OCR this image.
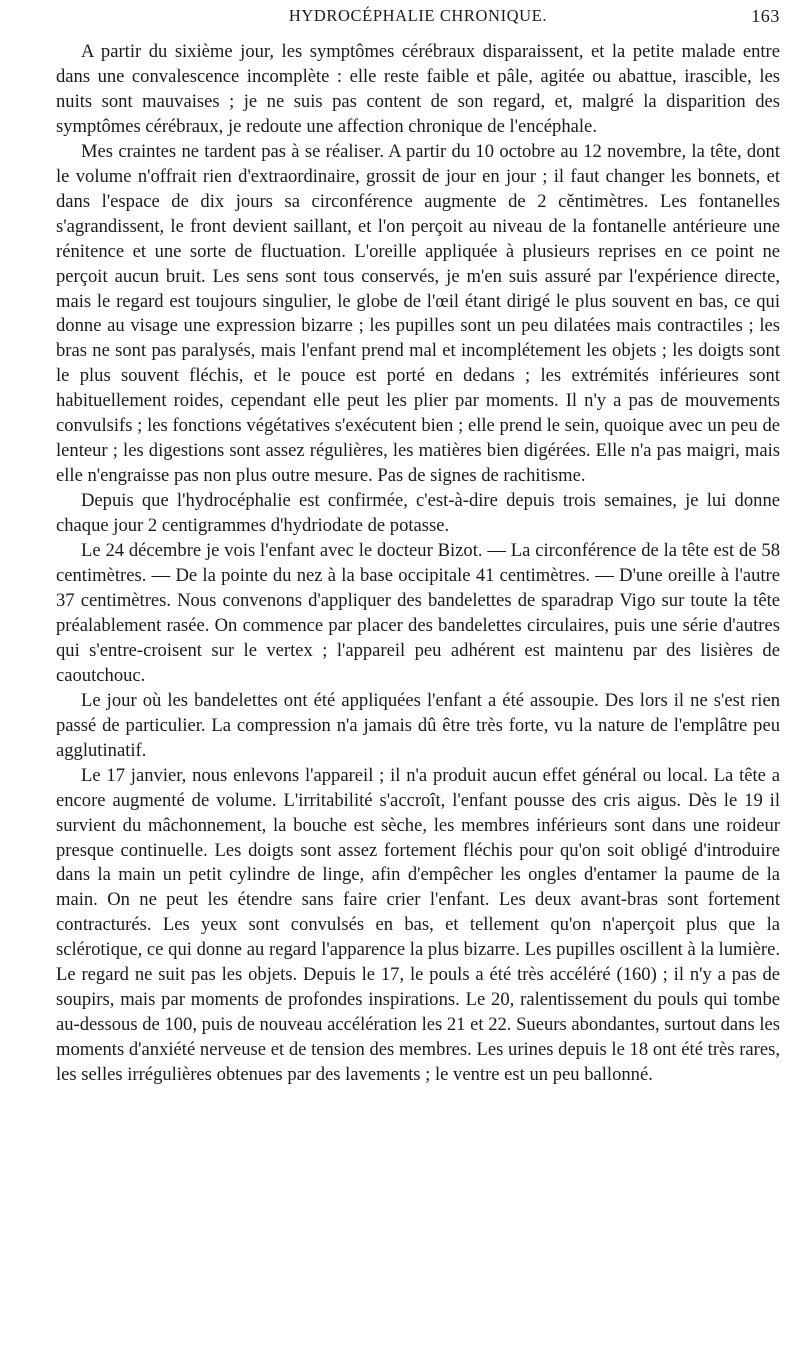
HYDROCÉPHALIE CHRONIQUE.	163

A partir du sixième jour, les symptômes cérébraux disparaissent, et la petite malade entre dans une convalescence incomplète : elle reste faible et pâle, agitée ou abattue, irascible, les nuits sont mauvaises ; je ne suis pas content de son regard, et, malgré la disparition des symptômes cérébraux, je redoute une affection chronique de l'encéphale.

Mes craintes ne tardent pas à se réaliser. A partir du 10 octobre au 12 novembre, la tête, dont le volume n'offrait rien d'extraordinaire, grossit de jour en jour ; il faut changer les bonnets, et dans l'espace de dix jours sa circonférence augmente de 2 cěntimètres. Les fontanelles s'agrandissent, le front devient saillant, et l'on perçoit au niveau de la fontanelle antérieure une rénitence et une sorte de fluctuation. L'oreille appliquée à plusieurs reprises en ce point ne perçoit aucun bruit. Les sens sont tous conservés, je m'en suis assuré par l'expérience directe, mais le regard est toujours singulier, le globe de l'œil étant dirigé le plus souvent en bas, ce qui donne au visage une expression bizarre ; les pupilles sont un peu dilatées mais contractiles ; les bras ne sont pas paralysés, mais l'enfant prend mal et incomplétement les objets ; les doigts sont le plus souvent fléchis, et le pouce est porté en dedans ; les extrémités inférieures sont habituellement roides, cependant elle peut les plier par moments. Il n'y a pas de mouvements convulsifs ; les fonctions végétatives s'exécutent bien ; elle prend le sein, quoique avec un peu de lenteur ; les digestions sont assez régulières, les matières bien digérées. Elle n'a pas maigri, mais elle n'engraisse pas non plus outre mesure. Pas de signes de rachitisme.

Depuis que l'hydrocéphalie est confirmée, c'est-à-dire depuis trois semaines, je lui donne chaque jour 2 centigrammes d'hydriodate de potasse.

Le 24 décembre je vois l'enfant avec le docteur Bizot. — La circonférence de la tête est de 58 centimètres. — De la pointe du nez à la base occipitale 41 centimètres. — D'une oreille à l'autre 37 centimètres. Nous convenons d'appliquer des bandelettes de sparadrap Vigo sur toute la tête préalablement rasée. On commence par placer des bandelettes circulaires, puis une série d'autres qui s'entre-croisent sur le vertex ; l'appareil peu adhérent est maintenu par des lisières de caoutchouc.

Le jour où les bandelettes ont été appliquées l'enfant a été assoupie. Des lors il ne s'est rien passé de particulier. La compression n'a jamais dû être très forte, vu la nature de l'emplâtre peu agglutinatif.

Le 17 janvier, nous enlevons l'appareil ; il n'a produit aucun effet général ou local. La tête a encore augmenté de volume. L'irritabilité s'accroît, l'enfant pousse des cris aigus. Dès le 19 il survient du mâchonnement, la bouche est sèche, les membres inférieurs sont dans une roideur presque continuelle. Les doigts sont assez fortement fléchis pour qu'on soit obligé d'introduire dans la main un petit cylindre de linge, afin d'empêcher les ongles d'entamer la paume de la main. On ne peut les étendre sans faire crier l'enfant. Les deux avant-bras sont fortement contracturés. Les yeux sont convulsés en bas, et tellement qu'on n'aperçoit plus que la sclérotique, ce qui donne au regard l'apparence la plus bizarre. Les pupilles oscillent à la lumière. Le regard ne suit pas les objets. Depuis le 17, le pouls a été très accéléré (160) ; il n'y a pas de soupirs, mais par moments de profondes inspirations. Le 20, ralentissement du pouls qui tombe au-dessous de 100, puis de nouveau accélération les 21 et 22. Sueurs abondantes, surtout dans les moments d'anxiété nerveuse et de tension des membres. Les urines depuis le 18 ont été très rares, les selles irrégulières obtenues par des lavements ; le ventre est un peu ballonné.
